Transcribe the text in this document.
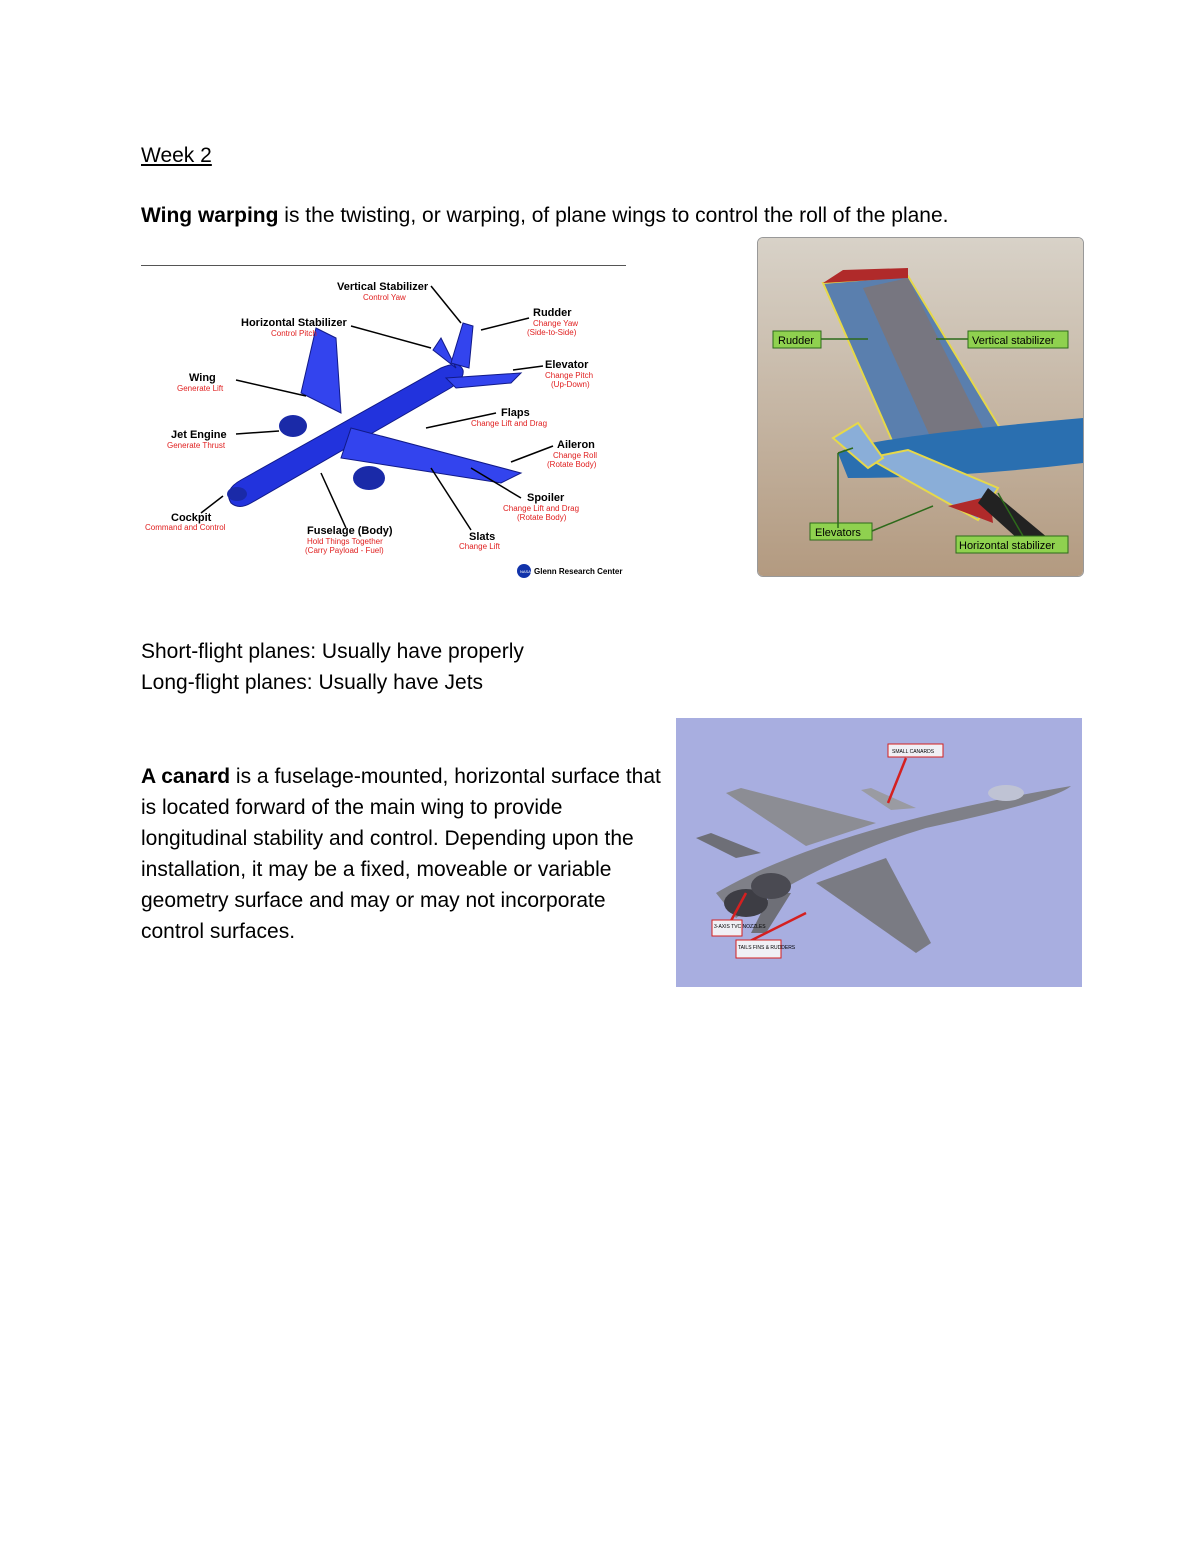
Week 2
Wing warping is the twisting, or warping, of plane wings to control the roll of the plane.
Vertical Stabilizer
Control Yaw
Rudder
Change Yaw
(Side-to-Side)
Horizontal Stabilizer
Control Pitch
Elevator
Change Pitch
(Up-Down)
Wing
Generate Lift
Flaps
Change Lift and Drag
Jet Engine
Generate Thrust	Aileron
Change Roll
(Rotate Body)
Spoiler
Change Lift and Drag
(Rotate Body)
Cockpit
Command and Control	Fuselage (Body)
Hold Things Together
(Carry Payload - Fuel)
Slats
Change Lift
NASA Glenn Research Center
Rudder	Vertical stabilizer
Elevators
Horizontal stabilizer
Short-flight planes: Usually have properly
Long-flight planes: Usually have Jets
A canard is a fuselage-mounted, horizontal surface that is located forward of the main wing to provide longitudinal stability and control. Depending upon the installation, it may be a fixed, moveable or variable geometry surface and may or may not incorporate control surfaces.
SMALL CANARDS
3-AXIS TVC NOZZLES
TAILS FINS & RUDDERS
